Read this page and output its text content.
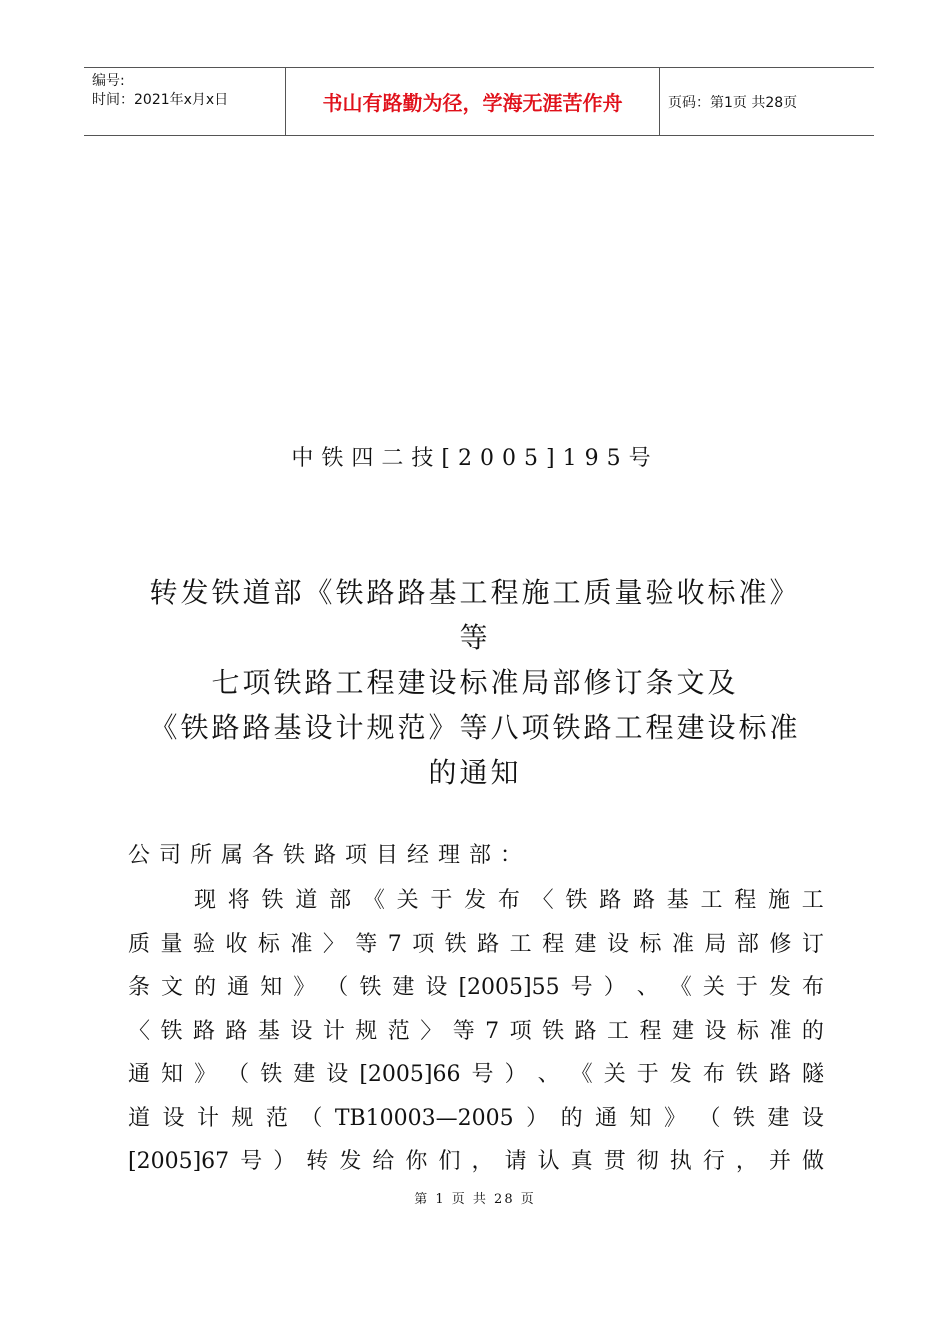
编号:
时间：2021年x月x日	书山有路勤为径，学海无涯苦作舟	页码：第1页 共28页
中铁四二技[2005]195号
转发铁道部《铁路路基工程施工质量验收标准》
等
七项铁路工程建设标准局部修订条文及
《铁路路基设计规范》等八项铁路工程建设标准
的通知
公司所属各铁路项目经理部：
现 将 铁 道 部 《 关 于 发 布 〈 铁 路 路 基 工 程 施 工
质 量 验 收 标 准 〉 等 7 项 铁 路 工 程 建 设 标 准 局 部 修 订
条 文 的 通 知 》 （ 铁 建 设 [2005]55 号 ） 、 《 关 于 发 布
〈 铁 路 路 基 设 计 规 范 〉 等 7 项 铁 路 工 程 建 设 标 准 的
通 知 》 （ 铁 建 设 [2005]66 号 ） 、 《 关 于 发 布 铁 路 隧
道 设 计 规 范 （ TB10003—2005 ） 的 通 知 》 （ 铁 建 设
[2005]67 号 ） 转 发 给 你 们 ， 请 认 真 贯 彻 执 行 ， 并 做
第 1 页 共 28 页
